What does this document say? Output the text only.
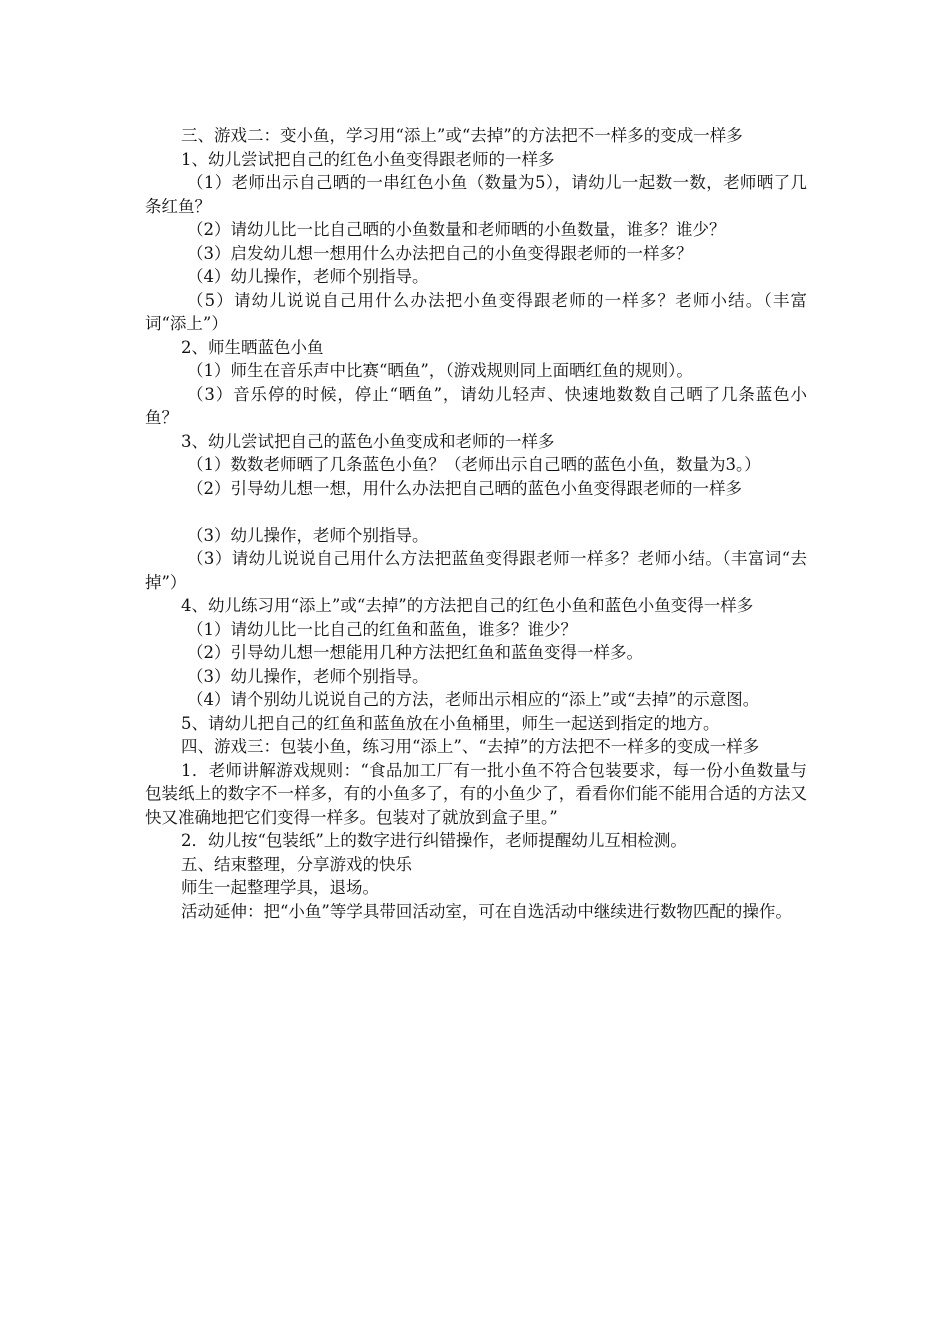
三、游戏二：变小鱼，学习用“添上”或“去掉”的方法把不一样多的变成一样多

1、幼儿尝试把自己的红色小鱼变得跟老师的一样多

（1）老师出示自己晒的一串红色小鱼（数量为5），请幼儿一起数一数，老师晒了几条红鱼？

（2）请幼儿比一比自己晒的小鱼数量和老师晒的小鱼数量，谁多？谁少？

（3）启发幼儿想一想用什么办法把自己的小鱼变得跟老师的一样多？

（4）幼儿操作，老师个别指导。

（5）请幼儿说说自己用什么办法把小鱼变得跟老师的一样多？老师小结。（丰富词“添上”）

2、师生晒蓝色小鱼

（1）师生在音乐声中比赛“晒鱼”，（游戏规则同上面晒红鱼的规则）。

（3）音乐停的时候，停止“晒鱼”，请幼儿轻声、快速地数数自己晒了几条蓝色小鱼？

3、幼儿尝试把自己的蓝色小鱼变成和老师的一样多

（1）数数老师晒了几条蓝色小鱼？（老师出示自己晒的蓝色小鱼，数量为3。）

（2）引导幼儿想一想，用什么办法把自己晒的蓝色小鱼变得跟老师的一样多

（3）幼儿操作，老师个别指导。

（3）请幼儿说说自己用什么方法把蓝鱼变得跟老师一样多？老师小结。（丰富词“去掉”）

4、幼儿练习用“添上”或“去掉”的方法把自己的红色小鱼和蓝色小鱼变得一样多

（1）请幼儿比一比自己的红鱼和蓝鱼，谁多？谁少？

（2）引导幼儿想一想能用几种方法把红鱼和蓝鱼变得一样多。

（3）幼儿操作，老师个别指导。

（4）请个别幼儿说说自己的方法，老师出示相应的“添上”或“去掉”的示意图。

5、请幼儿把自己的红鱼和蓝鱼放在小鱼桶里，师生一起送到指定的地方。

四、游戏三：包装小鱼，练习用“添上”、“去掉”的方法把不一样多的变成一样多

1．老师讲解游戏规则：“食品加工厂有一批小鱼不符合包装要求，每一份小鱼数量与包装纸上的数字不一样多，有的小鱼多了，有的小鱼少了，看看你们能不能用合适的方法又快又准确地把它们变得一样多。包装对了就放到盒子里。”

2．幼儿按“包装纸”上的数字进行纠错操作，老师提醒幼儿互相检测。

五、结束整理，分享游戏的快乐

师生一起整理学具，退场。

活动延伸：把“小鱼”等学具带回活动室，可在自选活动中继续进行数物匹配的操作。
